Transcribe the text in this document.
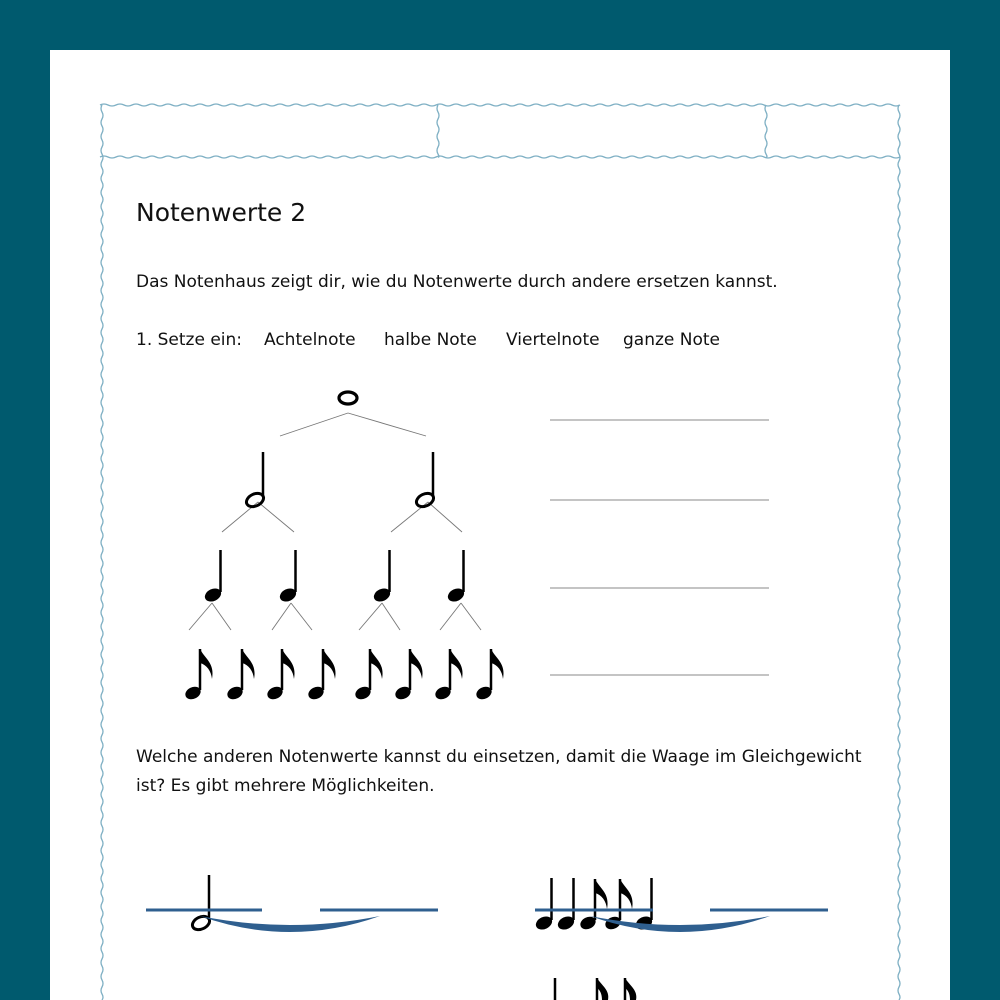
Notenwerte 2
Das Notenhaus zeigt dir, wie du Notenwerte durch andere ersetzen kannst.
1. Setze ein: Achtelnote halbe Note Viertelnote ganze Note
Welche anderen Notenwerte kannst du einsetzen, damit die Waage im Gleichgewicht
ist? Es gibt mehrere Möglichkeiten.
